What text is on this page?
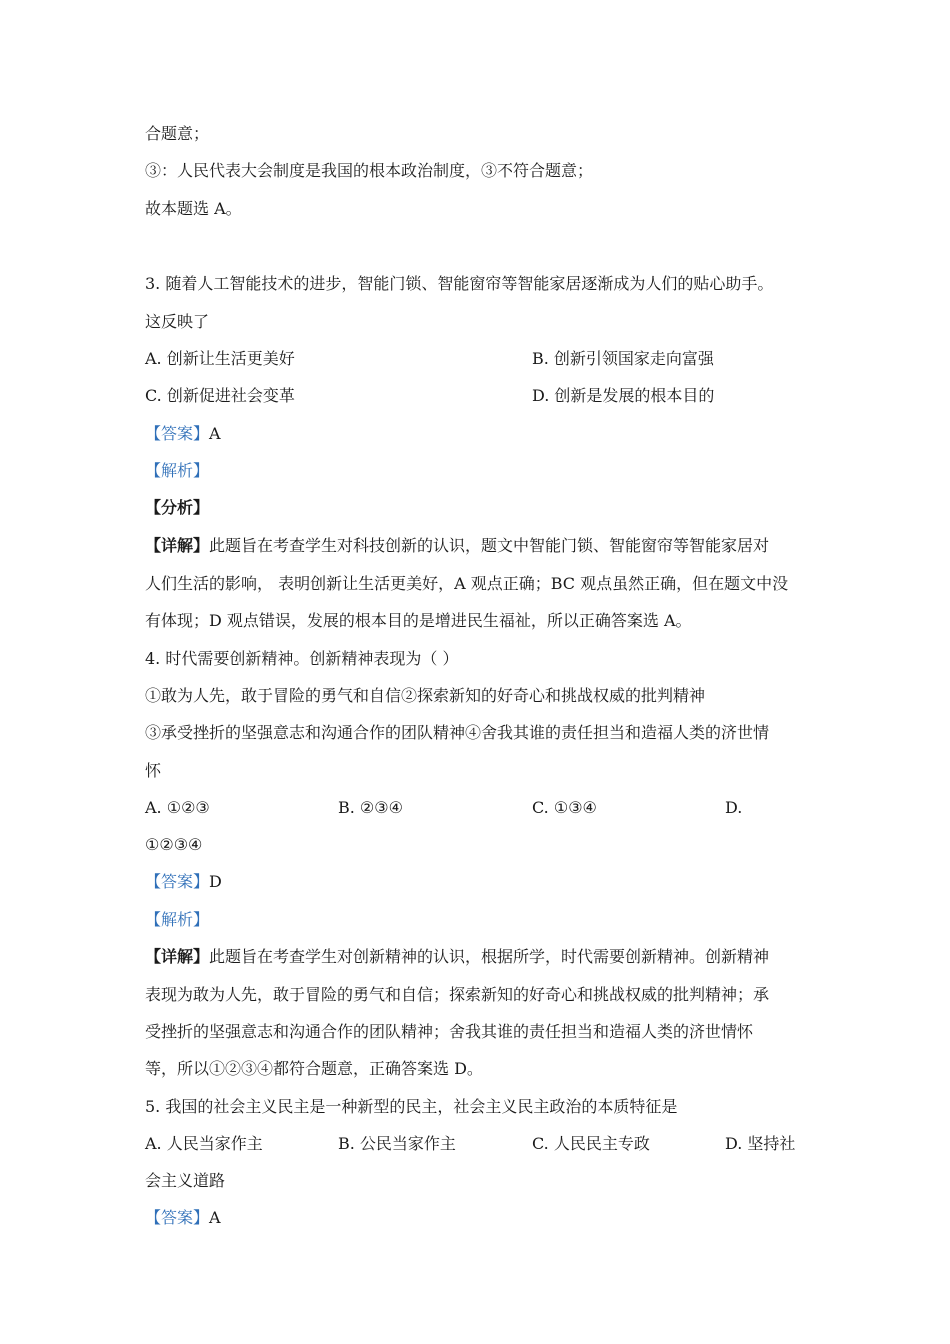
合题意；
③：人民代表大会制度是我国的根本政治制度，③不符合题意；
故本题选 A。
3. 随着人工智能技术的进步，智能门锁、智能窗帘等智能家居逐渐成为人们的贴心助手。
这反映了
A. 创新让生活更美好	B. 创新引领国家走向富强
C. 创新促进社会变革	D. 创新是发展的根本目的
【答案】A
【解析】
【分析】
【详解】此题旨在考查学生对科技创新的认识，题文中智能门锁、智能窗帘等智能家居对
人们生活的影响， 表明创新让生活更美好，A 观点正确；BC 观点虽然正确，但在题文中没
有体现；D 观点错误，发展的根本目的是增进民生福祉，所以正确答案选 A。
4. 时代需要创新精神。创新精神表现为（ ）
①敢为人先，敢于冒险的勇气和自信②探索新知的好奇心和挑战权威的批判精神
③承受挫折的坚强意志和沟通合作的团队精神④舍我其谁的责任担当和造福人类的济世情
怀
A. ①②③	B. ②③④	C. ①③④	D.
①②③④
【答案】D
【解析】
【详解】此题旨在考查学生对创新精神的认识，根据所学，时代需要创新精神。创新精神
表现为敢为人先，敢于冒险的勇气和自信；探索新知的好奇心和挑战权威的批判精神；承
受挫折的坚强意志和沟通合作的团队精神；舍我其谁的责任担当和造福人类的济世情怀
等，所以①②③④都符合题意，正确答案选 D。
5. 我国的社会主义民主是一种新型的民主，社会主义民主政治的本质特征是
A. 人民当家作主	B. 公民当家作主	C. 人民民主专政	D. 坚持社
会主义道路
【答案】A
